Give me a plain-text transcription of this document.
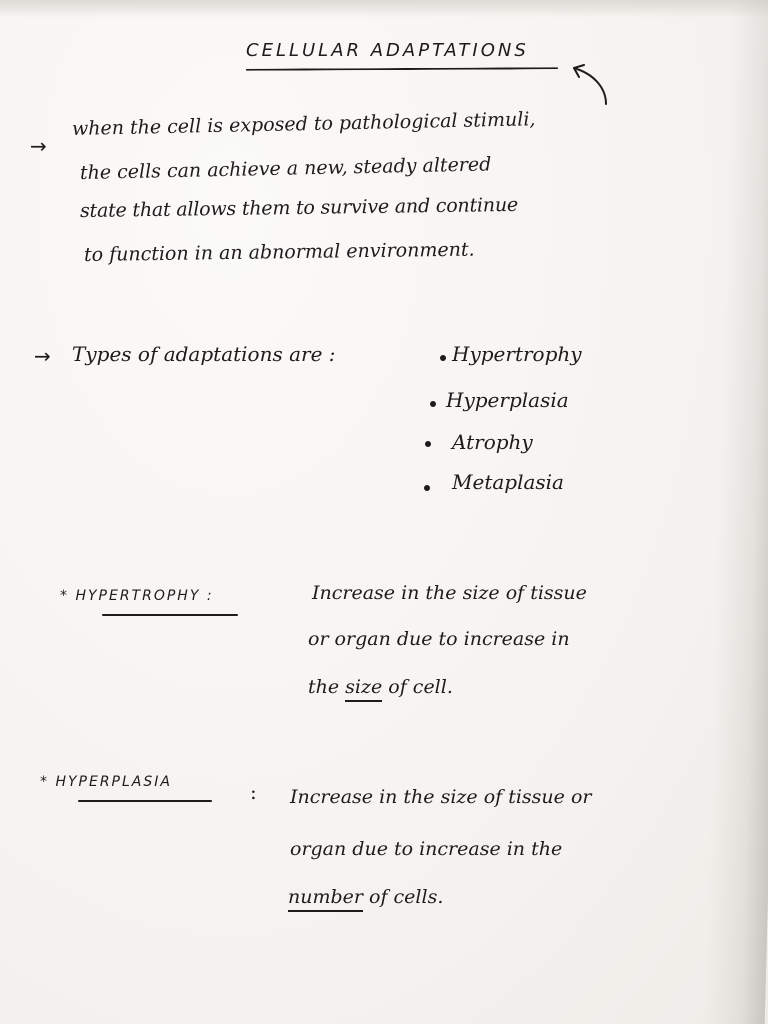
CELLULAR ADAPTATIONS
→
when the cell is exposed to pathological stimuli,
the cells can achieve a new, steady altered
state that allows them to survive and continue
to function in an abnormal environment.
→ Types of adaptations are :	Hypertrophy
Hyperplasia
Atrophy
Metaplasia
* HYPERTROPHY :	Increase in the size of tissue
or organ due to increase in
the size of cell.
* HYPERPLASIA	: Increase in the size of tissue or
organ due to increase in the
number of cells.
